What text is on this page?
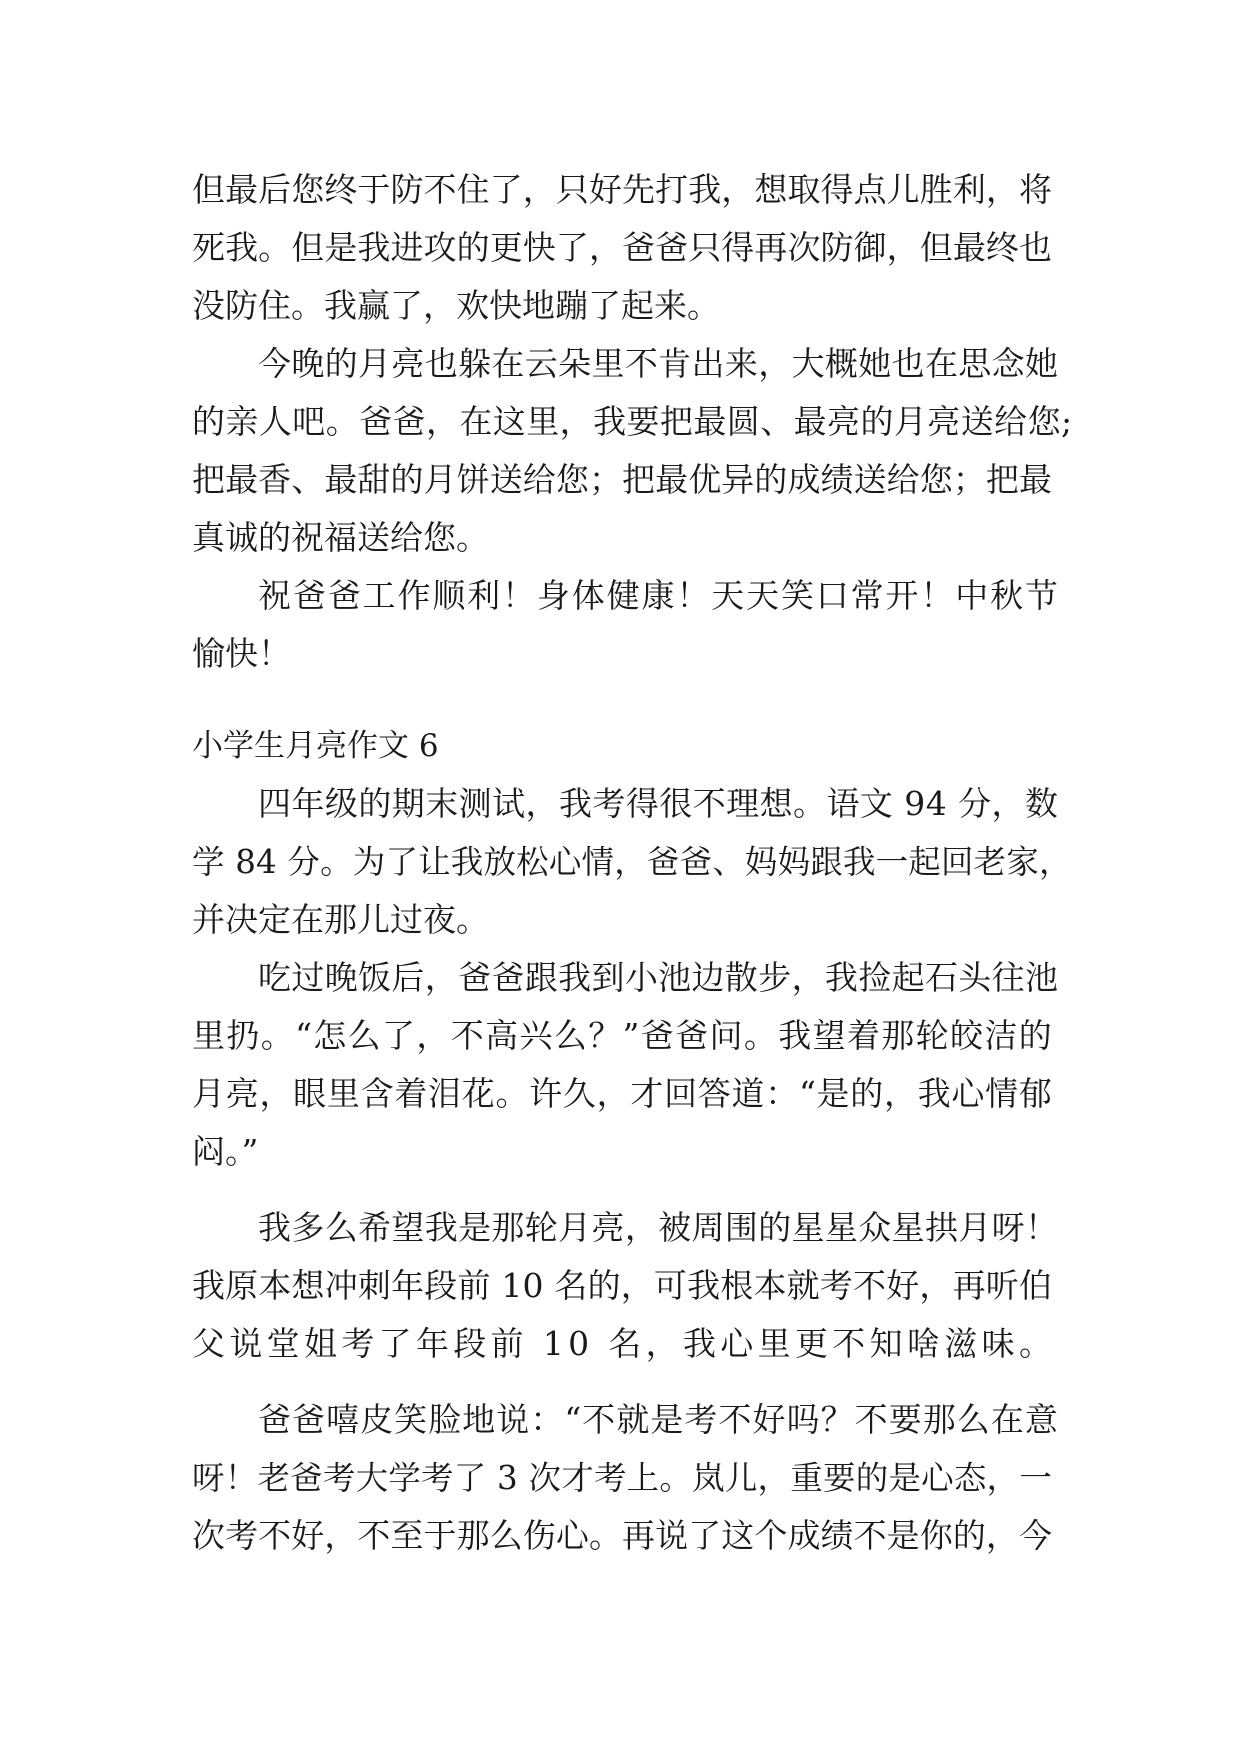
但最后您终于防不住了，只好先打我，想取得点儿胜利，将
死我。但是我进攻的更快了，爸爸只得再次防御，但最终也
没防住。我赢了，欢快地蹦了起来。
今晚的月亮也躲在云朵里不肯出来，大概她也在思念她
的亲人吧。爸爸，在这里，我要把最圆、最亮的月亮送给您;
把最香、最甜的月饼送给您；把最优异的成绩送给您；把最
真诚的祝福送给您。
祝爸爸工作顺利！身体健康！天天笑口常开！中秋节
愉快！
小学生月亮作文 6
四年级的期末测试，我考得很不理想。语文 94 分，数
学 84 分。为了让我放松心情，爸爸、妈妈跟我一起回老家，
并决定在那儿过夜。
吃过晚饭后，爸爸跟我到小池边散步，我捡起石头往池
里扔。“怎么了，不高兴么？”爸爸问。我望着那轮皎洁的
月亮，眼里含着泪花。许久，才回答道：“是的，我心情郁
闷。”
我多么希望我是那轮月亮，被周围的星星众星拱月呀！
我原本想冲刺年段前 10 名的，可我根本就考不好，再听伯
父说堂姐考了年段前 10 名，我心里更不知啥滋味。
爸爸嘻皮笑脸地说：“不就是考不好吗？不要那么在意
呀！老爸考大学考了 3 次才考上。岚儿，重要的是心态，一
次考不好，不至于那么伤心。再说了这个成绩不是你的，今
